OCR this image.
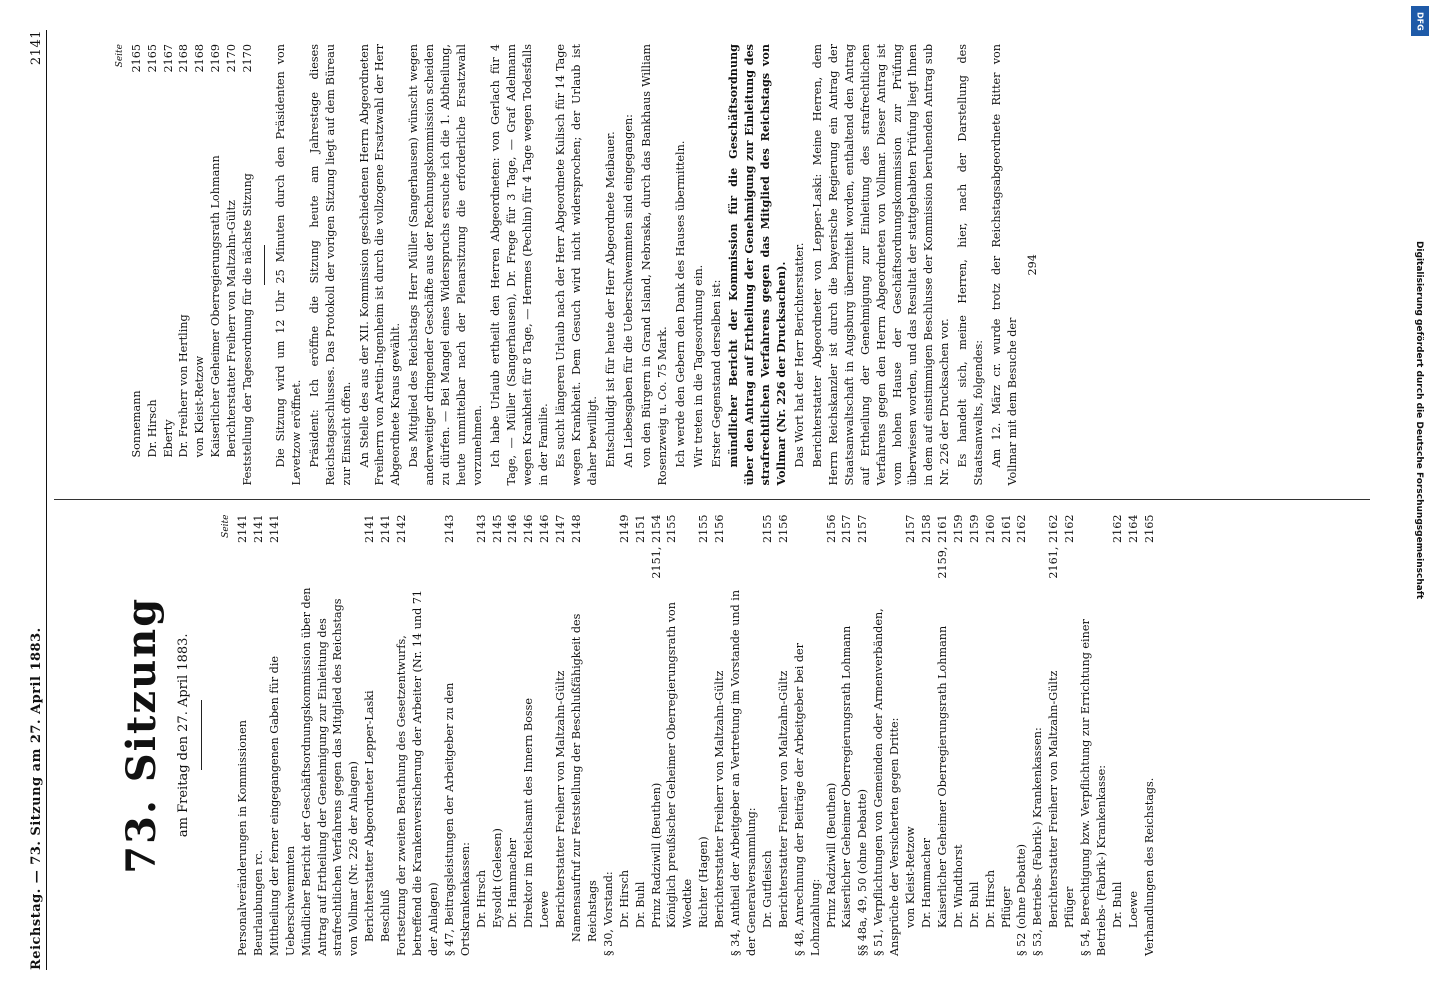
Reichstag. — 73. Sitzung am 27. April 1883.
2141
73. Sitzung am Freitag den 27. April 1883.
Seite
Personalveränderungen in Kommissionen	2141
Beurlaubungen rc.	2141
Mittheilung der ferner eingegangenen Gaben für die Ueberschwemmten	2141
Mündlicher Bericht der Geschäftsordnungskommission über den Antrag auf Ertheilung der Genehmigung zur Einleitung des strafrechtlichen Verfahrens gegen das Mitglied des Reichstags von Vollmar (Nr. 226 der Anlagen)	
Berichterstatter Abgeordneter Lepper-Laski	2141
Beschluß	2141
Fortsetzung der zweiten Berathung des Gesetzentwurfs, betreffend die Krankenversicherung der Arbeiter (Nr. 14 und 71 der Anlagen)	2142
§ 47, Beitragsleistungen der Arbeitgeber zu den Ortskrankenkassen:	2143
Dr. Hirsch	2143
Eysoldt (Gelesen)	2145
Dr. Hammacher	2146
Direktor im Reichsamt des Innern Bosse	2146
Loewe	2146
Berichterstatter Freiherr von Maltzahn-Gültz	2147
Namensaufruf zur Feststellung der Beschlußfähigkeit des Reichstags	2148
§ 30, Vorstand:	
Dr. Hirsch	2149
Dr. Buhl	2151
Prinz Radziwill (Beuthen)	2151, 2154
Königlich preußischer Geheimer Oberregierungsrath von Woedtke	2155
Richter (Hagen)	2155
Berichterstatter Freiherr von Maltzahn-Gültz	2156
§ 34, Antheil der Arbeitgeber an Vertretung im Vorstande und in der Generalversammlung:	
Dr. Gutfleisch	2155
Berichterstatter Freiherr von Maltzahn-Gültz	2156
§ 48, Anrechnung der Beiträge der Arbeitgeber bei der Lohnzahlung:	
Prinz Radziwill (Beuthen)	2156
Kaiserlicher Geheimer Oberregierungsrath Lohmann	2157
§§ 48a, 49, 50 (ohne Debatte)	2157
§ 51, Verpflichtungen von Gemeinden oder Armenverbänden, Ansprüche der Versicherten gegen Dritte:	
von Kleist-Retzow	2157
Dr. Hammacher	2158
Kaiserlicher Geheimer Oberregierungsrath Lohmann	2159, 2161
Dr. Windthorst	2159
Dr. Buhl	2159
Dr. Hirsch	2160
Pflüger	2161
§ 52 (ohne Debatte)	2162
§ 53, Betriebs- (Fabrik-) Krankenkassen:	
Berichterstatter Freiherr von Maltzahn-Gültz	2161, 2162
Pflüger	2162
§ 54, Berechtigung bzw. Verpflichtung zur Errichtung einer Betriebs- (Fabrik-) Krankenkasse:	
Dr. Buhl	2162
Loewe	2164
Verhandlungen des Reichstags.	2165
Seite
Sonnemann	2165
Dr. Hirsch	2165
Eberty	2167
Dr. Freiherr von Hertling	2168
von Kleist-Retzow	2168
Kaiserlicher Geheimer Oberregierungsrath Lohmann	2169
Berichterstatter Freiherr von Maltzahn-Gültz	2170
Feststellung der Tagesordnung für die nächste Sitzung	2170 Die Sitzung wird um 12 Uhr 25 Minuten durch den Präsidenten von Levetzow eröffnet. Präsident: Ich eröffne die Sitzung heute am Jahrestage dieses Reichstagsschlusses. Das Protokoll der vorigen Sitzung liegt auf dem Büreau zur Einsicht offen. An Stelle des aus der XII. Kommission geschiedenen Herrn Abgeordneten Freiherrn von Aretin-Ingenheim ist durch die vollzogene Ersatzwahl der Herr Abgeordnete Kraus gewählt. Das Mitglied des Reichstags Herr Müller (Sangerhausen) wünscht wegen anderweitiger dringender Geschäfte aus der Rechnungskommission scheiden zu dürfen. — Bei Mangel eines Widerspruchs ersuche ich die 1. Abtheilung, heute unmittelbar nach der Plenarsitzung die erforderliche Ersatzwahl vorzunehmen. Ich habe Urlaub ertheilt den Herren Abgeordneten: von Gerlach für 4 Tage, — Müller (Sangerhausen), Dr. Frege für 3 Tage, — Graf Adelmann wegen Krankheit für 8 Tage, — Hermes (Pechlin) für 4 Tage wegen Todesfalls in der Familie. Es sucht längeren Urlaub nach der Herr Abgeordnete Kulisch für 14 Tage wegen Krankheit. Dem Gesuch wird nicht widersprochen; der Urlaub ist daher bewilligt. Entschuldigt ist für heute der Herr Abgeordnete Meibauer. An Liebesgaben für die Ueberschwemmten sind eingegangen: von den Bürgern in Grand Island, Nebraska, durch das Bankhaus William Rosenzweig u. Co. 75 Mark. Ich werde den Gebern den Dank des Hauses übermitteln. Wir treten in die Tagesordnung ein. Erster Gegenstand derselben ist: mündlicher Bericht der Kommission für die Geschäftsordnung über den Antrag auf Ertheilung der Genehmigung zur Einleitung des strafrechtlichen Verfahrens gegen das Mitglied des Reichstags von Vollmar (Nr. 226 der Drucksachen). Das Wort hat der Herr Berichterstatter. Berichterstatter Abgeordneter von Lepper-Laski: Meine Herren, dem Herrn Reichskanzler ist durch die bayerische Regierung ein Antrag der Staatsanwaltschaft in Augsburg übermittelt worden, enthaltend den Antrag auf Ertheilung der Genehmigung zur Einleitung des strafrechtlichen Verfahrens gegen den Herrn Abgeordneten von Vollmar. Dieser Antrag ist vom hohen Hause der Geschäftsordnungskommission zur Prüfung überwiesen worden, und das Resultat der stattgehabten Prüfung liegt Ihnen in dem auf einstimmigen Beschlusse der Kommission beruhenden Antrag sub Nr. 226 der Drucksachen vor. Es handelt sich, meine Herren, hier, nach der Darstellung des Staatsanwalts, folgendes: Am 12. März cr. wurde trotz der Reichstagsabgeordnete Ritter von Vollmar mit dem Besuche der

294
DFG
Digitalisierung gefördert durch die Deutsche Forschungsgemeinschaft
